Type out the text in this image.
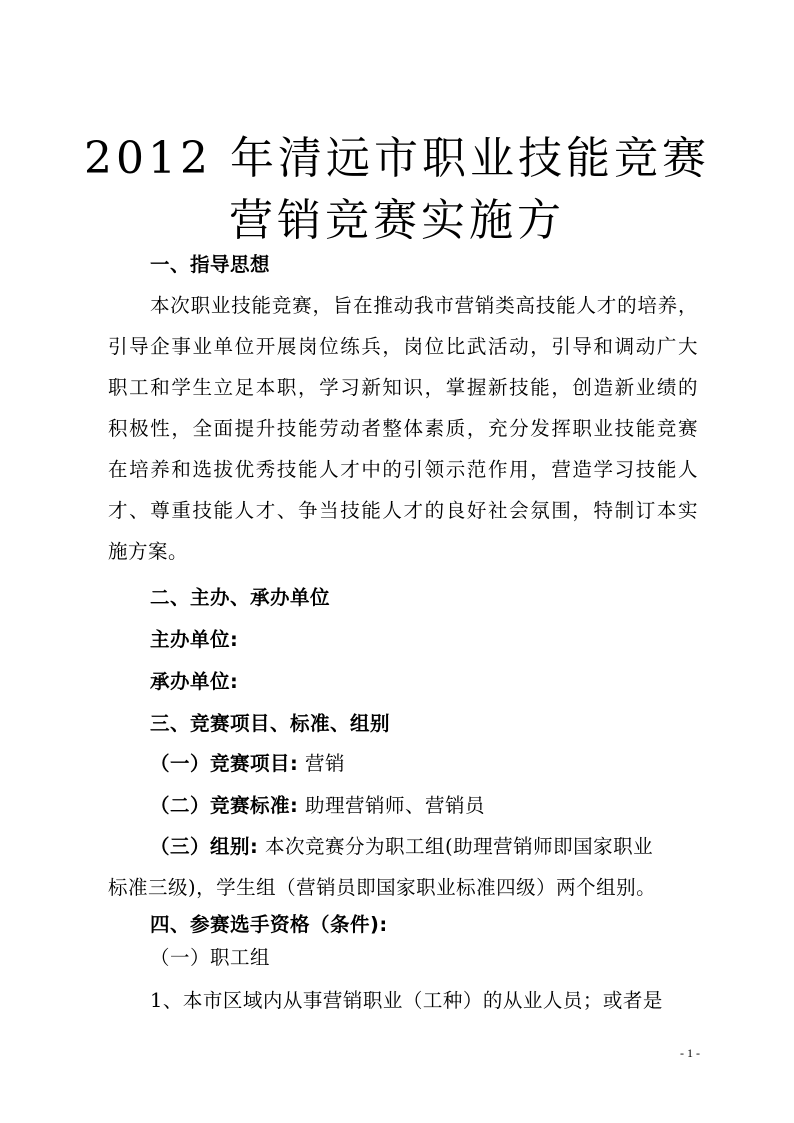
2012 年清远市职业技能竞赛
营销竞赛实施方
一、指导思想
本次职业技能竞赛，旨在推动我市营销类高技能人才的培养，
引导企事业单位开展岗位练兵，岗位比武活动，引导和调动广大
职工和学生立足本职，学习新知识，掌握新技能，创造新业绩的
积极性，全面提升技能劳动者整体素质，充分发挥职业技能竞赛
在培养和选拔优秀技能人才中的引领示范作用，营造学习技能人
才、尊重技能人才、争当技能人才的良好社会氛围，特制订本实
施方案。
二、主办、承办单位
主办单位:
承办单位:
三、竞赛项目、标准、组别
（一）竞赛项目: 营销
（二）竞赛标准: 助理营销师、营销员
（三）组别: 本次竞赛分为职工组(助理营销师即国家职业
标准三级)，学生组（营销员即国家职业标准四级）两个组别。
四、参赛选手资格（条件):
（一）职工组
1、本市区域内从事营销职业（工种）的从业人员；或者是
- 1 -
